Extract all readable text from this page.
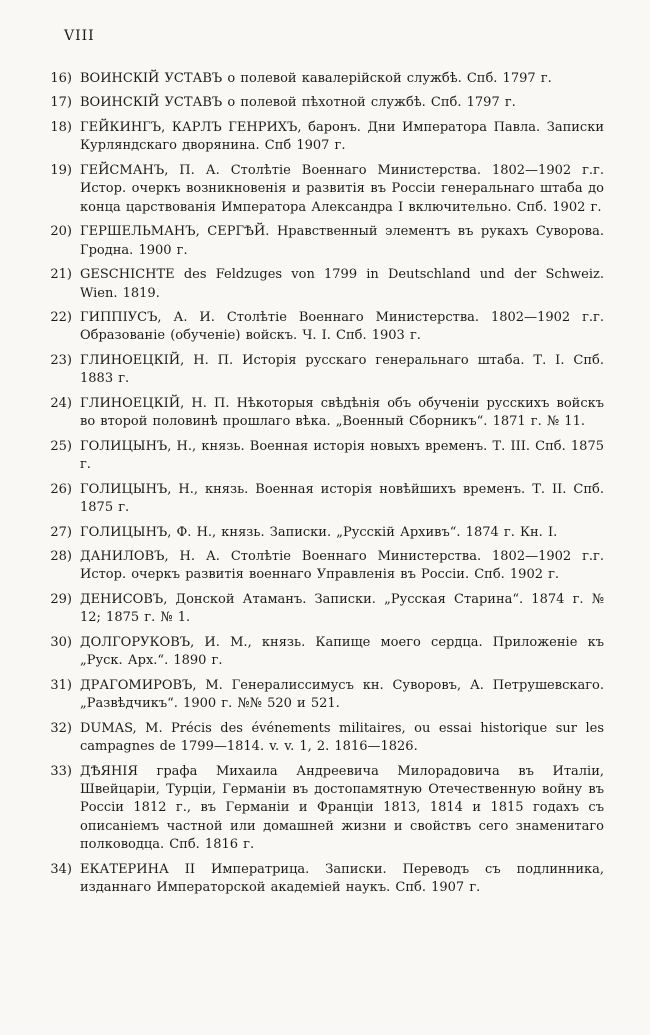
VIII
16) ВОИНСКІЙ УСТАВЪ о полевой кавалерійской службѣ. Спб. 1797 г.
17) ВОИНСКІЙ УСТАВЪ о полевой пѣхотной службѣ. Спб. 1797 г.
18) ГЕЙКИНГЪ, КАРЛЪ ГЕНРИХЪ, баронъ. Дни Императора Павла. Записки Курляндскаго дворянина. Спб 1907 г.
19) ГЕЙСМАНЪ, П. А. Столѣтіе Военнаго Министерства. 1802—1902 г.г. Истор. очеркъ возникновенія и развитія въ Россіи генеральнаго штаба до конца царствованія Императора Александра I включительно. Спб. 1902 г.
20) ГЕРШЕЛЬМАНЪ, СЕРГѢЙ. Нравственный элементъ въ рукахъ Суворова. Гродна. 1900 г.
21) GESCHICHTE des Feldzuges von 1799 in Deutschland und der Schweiz. Wien. 1819.
22) ГИППІУСЪ, А. И. Столѣтіе Военнаго Министерства. 1802—1902 г.г. Образованіе (обученіе) войскъ. Ч. I. Спб. 1903 г.
23) ГЛИНОЕЦКІЙ, Н. П. Исторія русскаго генеральнаго штаба. Т. I. Спб. 1883 г.
24) ГЛИНОЕЦКІЙ, Н. П. Нѣкоторыя свѣдѣнія объ обученіи русскихъ войскъ во второй половинѣ прошлаго вѣка. „Военный Сборникъ“. 1871 г. № 11.
25) ГОЛИЦЫНЪ, Н., князь. Военная исторія новыхъ временъ. Т. III. Спб. 1875 г.
26) ГОЛИЦЫНЪ, Н., князь. Военная исторія новѣйшихъ временъ. Т. II. Спб. 1875 г.
27) ГОЛИЦЫНЪ, Ф. Н., князь. Записки. „Русскій Архивъ“. 1874 г. Кн. I.
28) ДАНИЛОВЪ, Н. А. Столѣтіе Военнаго Министерства. 1802—1902 г.г. Истор. очеркъ развитія военнаго Управленія въ Россіи. Спб. 1902 г.
29) ДЕНИСОВЪ, Донской Атаманъ. Записки. „Русская Старина“. 1874 г. № 12; 1875 г. № 1.
30) ДОЛГОРУКОВЪ, И. М., князь. Капище моего сердца. Приложеніе къ „Руск. Арх.“. 1890 г.
31) ДРАГОМИРОВЪ, М. Генералиссимусъ кн. Суворовъ, А. Петрушевскаго. „Развѣдчикъ“. 1900 г. №№ 520 и 521.
32) DUMAS, M. Précis des événements militaires, ou essai historique sur les campagnes de 1799—1814. v. v. 1, 2. 1816—1826.
33) ДѢЯНІЯ графа Михаила Андреевича Милорадовича въ Италіи, Швейцаріи, Турціи, Германіи въ достопамятную Отечественную войну въ Россіи 1812 г., въ Германіи и Франціи 1813, 1814 и 1815 годахъ съ описаніемъ частной или домашней жизни и свойствъ сего знаменитаго полководца. Спб. 1816 г.
34) ЕКАТЕРИНА II Императрица. Записки. Переводъ съ подлинника, изданнаго Императорской академіей наукъ. Спб. 1907 г.
